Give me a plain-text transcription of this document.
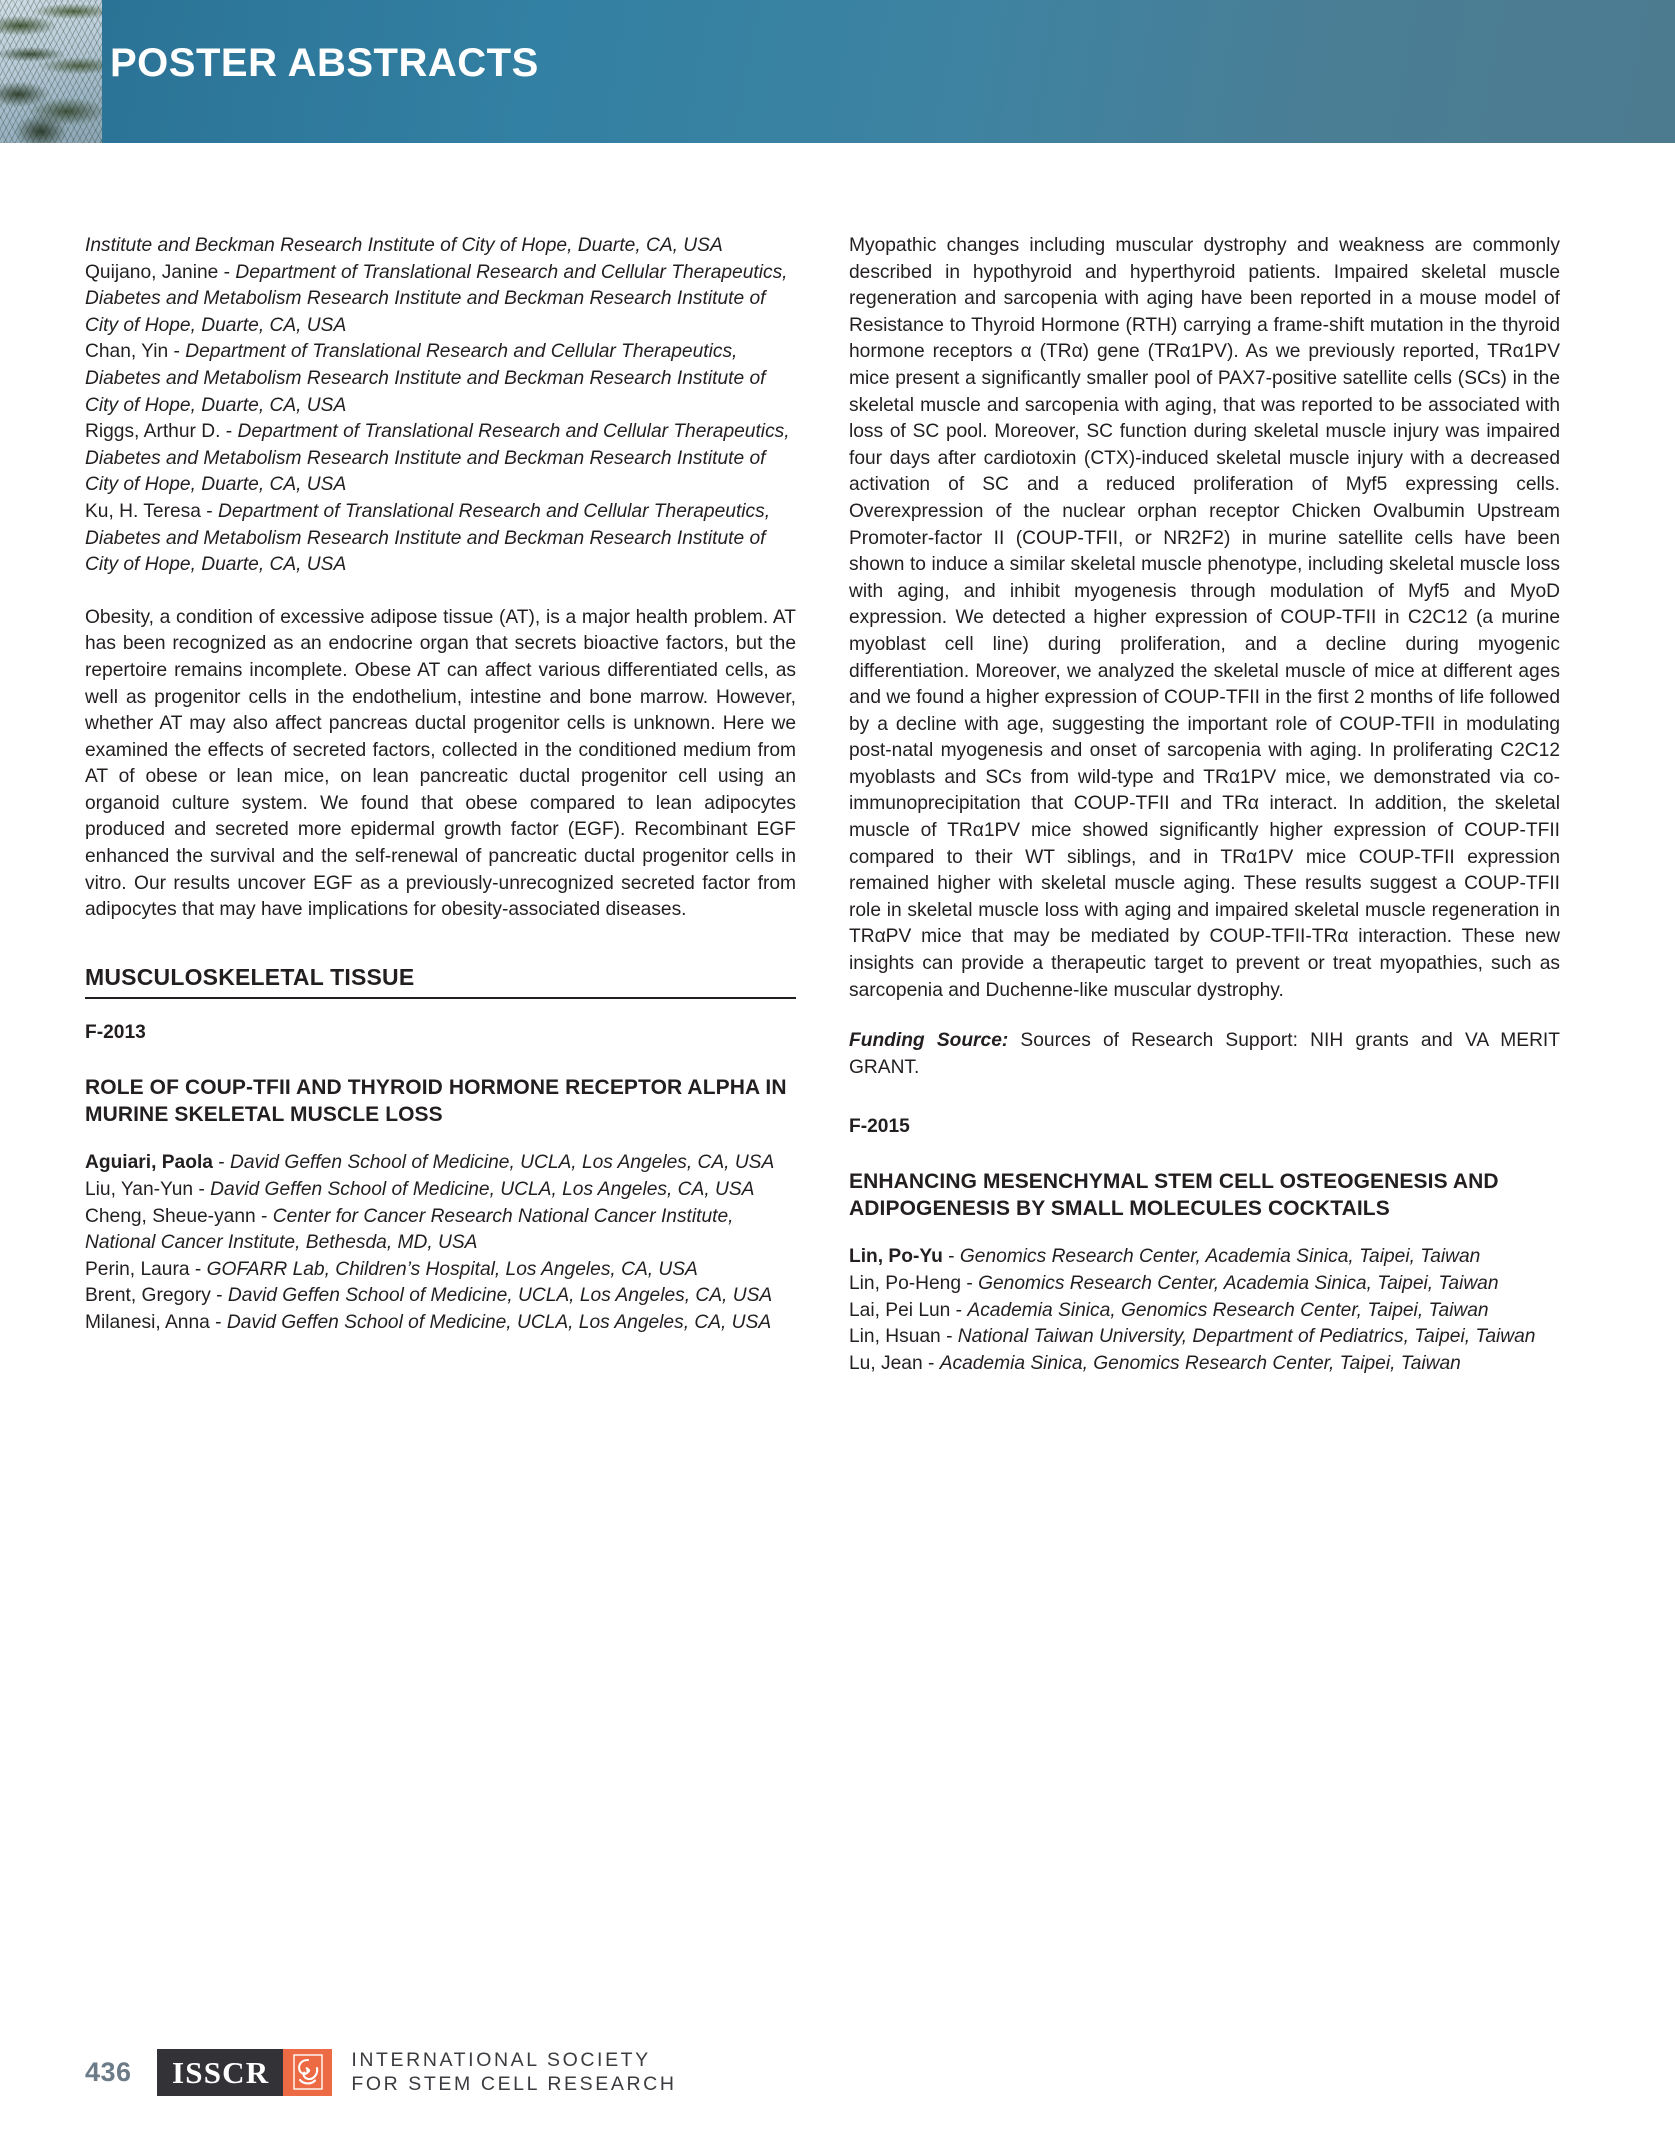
POSTER ABSTRACTS
Institute and Beckman Research Institute of City of Hope, Duarte, CA, USA
Quijano, Janine - Department of Translational Research and Cellular Therapeutics, Diabetes and Metabolism Research Institute and Beckman Research Institute of City of Hope, Duarte, CA, USA
Chan, Yin - Department of Translational Research and Cellular Therapeutics, Diabetes and Metabolism Research Institute and Beckman Research Institute of City of Hope, Duarte, CA, USA
Riggs, Arthur D. - Department of Translational Research and Cellular Therapeutics, Diabetes and Metabolism Research Institute and Beckman Research Institute of City of Hope, Duarte, CA, USA
Ku, H. Teresa - Department of Translational Research and Cellular Therapeutics, Diabetes and Metabolism Research Institute and Beckman Research Institute of City of Hope, Duarte, CA, USA

Obesity, a condition of excessive adipose tissue (AT), is a major health problem. AT has been recognized as an endocrine organ that secrets bioactive factors, but the repertoire remains incomplete. Obese AT can affect various differentiated cells, as well as progenitor cells in the endothelium, intestine and bone marrow. However, whether AT may also affect pancreas ductal progenitor cells is unknown. Here we examined the effects of secreted factors, collected in the conditioned medium from AT of obese or lean mice, on lean pancreatic ductal progenitor cell using an organoid culture system. We found that obese compared to lean adipocytes produced and secreted more epidermal growth factor (EGF). Recombinant EGF enhanced the survival and the self-renewal of pancreatic ductal progenitor cells in vitro. Our results uncover EGF as a previously-unrecognized secreted factor from adipocytes that may have implications for obesity-associated diseases.

MUSCULOSKELETAL TISSUE
F-2013
ROLE OF COUP-TFII AND THYROID HORMONE RECEPTOR ALPHA IN MURINE SKELETAL MUSCLE LOSS
Aguiari, Paola - David Geffen School of Medicine, UCLA, Los Angeles, CA, USA
Liu, Yan-Yun - David Geffen School of Medicine, UCLA, Los Angeles, CA, USA
Cheng, Sheue-yann - Center for Cancer Research National Cancer Institute, National Cancer Institute, Bethesda, MD, USA
Perin, Laura - GOFARR Lab, Children’s Hospital, Los Angeles, CA, USA
Brent, Gregory - David Geffen School of Medicine, UCLA, Los Angeles, CA, USA
Milanesi, Anna - David Geffen School of Medicine, UCLA, Los Angeles, CA, USA

Myopathic changes including muscular dystrophy and weakness are commonly described in hypothyroid and hyperthyroid patients. Impaired skeletal muscle regeneration and sarcopenia with aging have been reported in a mouse model of Resistance to Thyroid Hormone (RTH) carrying a frame-shift mutation in the thyroid hormone receptors α (TRα) gene (TRα1PV). As we previously reported, TRα1PV mice present a significantly smaller pool of PAX7-positive satellite cells (SCs) in the skeletal muscle and sarcopenia with aging, that was reported to be associated with loss of SC pool. Moreover, SC function during skeletal muscle injury was impaired four days after cardiotoxin (CTX)-induced skeletal muscle injury with a decreased activation of SC and a reduced proliferation of Myf5 expressing cells. Overexpression of the nuclear orphan receptor Chicken Ovalbumin Upstream Promoter-factor II (COUP-TFII, or NR2F2) in murine satellite cells have been shown to induce a similar skeletal muscle phenotype, including skeletal muscle loss with aging, and inhibit myogenesis through modulation of Myf5 and MyoD expression. We detected a higher expression of COUP-TFII in C2C12 (a murine myoblast cell line) during proliferation, and a decline during myogenic differentiation. Moreover, we analyzed the skeletal muscle of mice at different ages and we found a higher expression of COUP-TFII in the first 2 months of life followed by a decline with age, suggesting the important role of COUP-TFII in modulating post-natal myogenesis and onset of sarcopenia with aging. In proliferating C2C12 myoblasts and SCs from wild-type and TRα1PV mice, we demonstrated via co-immunoprecipitation that COUP-TFII and TRα interact. In addition, the skeletal muscle of TRα1PV mice showed significantly higher expression of COUP-TFII compared to their WT siblings, and in TRα1PV mice COUP-TFII expression remained higher with skeletal muscle aging. These results suggest a COUP-TFII role in skeletal muscle loss with aging and impaired skeletal muscle regeneration in TRαPV mice that may be mediated by COUP-TFII-TRα interaction. These new insights can provide a therapeutic target to prevent or treat myopathies, such as sarcopenia and Duchenne-like muscular dystrophy.

Funding Source: Sources of Research Support: NIH grants and VA MERIT GRANT.

F-2015
ENHANCING MESENCHYMAL STEM CELL OSTEOGENESIS AND ADIPOGENESIS BY SMALL MOLECULES COCKTAILS
Lin, Po-Yu - Genomics Research Center, Academia Sinica, Taipei, Taiwan
Lin, Po-Heng - Genomics Research Center, Academia Sinica, Taipei, Taiwan
Lai, Pei Lun - Academia Sinica, Genomics Research Center, Taipei, Taiwan
Lin, Hsuan - National Taiwan University, Department of Pediatrics, Taipei, Taiwan
Lu, Jean - Academia Sinica, Genomics Research Center, Taipei, Taiwan
436	ISSCR	INTERNATIONAL SOCIETY
FOR STEM CELL RESEARCH
